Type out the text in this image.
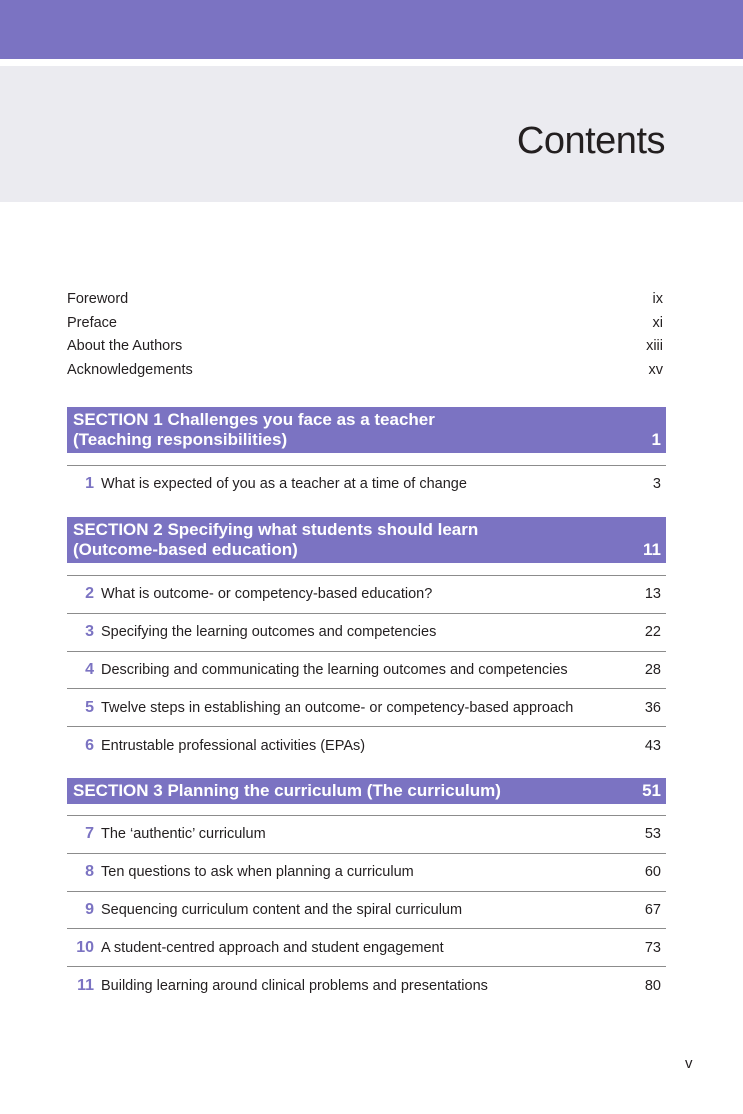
Contents
Foreword	ix
Preface	xi
About the Authors	xiii
Acknowledgements	xv
SECTION 1 Challenges you face as a teacher
(Teaching responsibilities)	1
1 What is expected of you as a teacher at a time of change	3
SECTION 2 Specifying what students should learn
(Outcome-based education)	11
2 What is outcome- or competency-based education?	13
3 Specifying the learning outcomes and competencies	22
4 Describing and communicating the learning outcomes and competencies	28
5 Twelve steps in establishing an outcome- or competency-based approach	36
6 Entrustable professional activities (EPAs)	43
SECTION 3 Planning the curriculum (The curriculum)	51
7 The ‘authentic’ curriculum	53
8 Ten questions to ask when planning a curriculum	60
9 Sequencing curriculum content and the spiral curriculum	67
10 A student-centred approach and student engagement	73
11 Building learning around clinical problems and presentations	80
v
